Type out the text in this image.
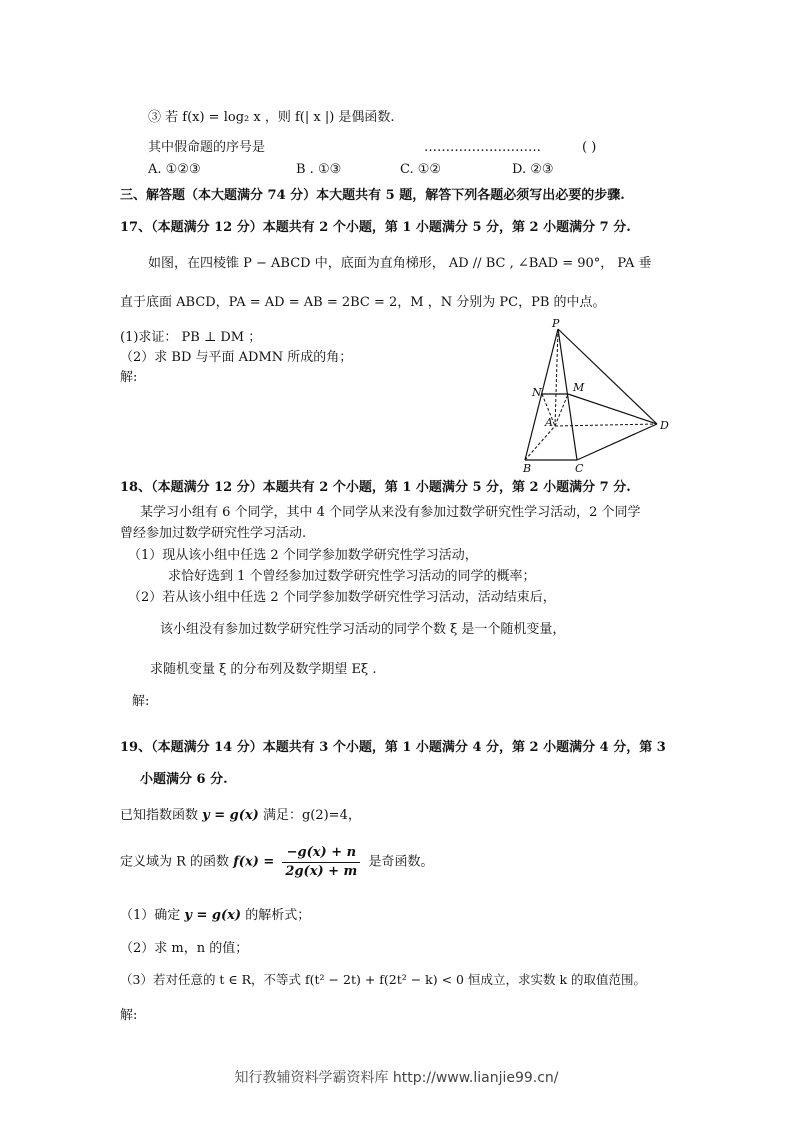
③ 若 f(x) = log₂ x ，则 f(| x |) 是偶函数.
其中假命题的序号是	………………………	( )
A. ①②③	B . ①③	C. ①②	D. ②③
三、解答题（本大题满分 74 分）本大题共有 5 题，解答下列各题必须写出必要的步骤.
17、（本题满分 12 分）本题共有 2 个小题，第 1 小题满分 5 分，第 2 小题满分 7 分.
如图，在四棱锥 P − ABCD 中，底面为直角梯形， AD // BC , ∠BAD = 90°， PA 垂
直于底面 ABCD，PA = AD = AB = 2BC = 2，M ，N 分别为 PC，PB 的中点。
(1)求证： PB ⊥ DM ；
（2）求 BD 与平面 ADMN 所成的角；
解:
P
N	M
A	D
B	C
18、（本题满分 12 分）本题共有 2 个小题，第 1 小题满分 5 分，第 2 小题满分 7 分.
某学习小组有 6 个同学，其中 4 个同学从来没有参加过数学研究性学习活动，2 个同学
曾经参加过数学研究性学习活动.
（1）现从该小组中任选 2 个同学参加数学研究性学习活动，
求恰好选到 1 个曾经参加过数学研究性学习活动的同学的概率；
（2）若从该小组中任选 2 个同学参加数学研究性学习活动，活动结束后，
该小组没有参加过数学研究性学习活动的同学个数 ξ 是一个随机变量，
求随机变量 ξ 的分布列及数学期望 Eξ .
解:
19、（本题满分 14 分）本题共有 3 个小题，第 1 小题满分 4 分，第 2 小题满分 4 分，第 3
小题满分 6 分.
已知指数函数 y = g(x) 满足：g(2)=4，
定义域为 R 的函数 $f(x) = \frac{-g(x) + n}{2g(x) + m}$ 是奇函数。
（1）确定 y = g(x) 的解析式；
（2）求 m，n 的值；
（3）若对任意的 t ∈ R，不等式 f(t² − 2t) + f(2t² − k) < 0 恒成立，求实数 k 的取值范围。
解:
知行教辅资料学霸资料库 http://www.lianjie99.cn/
